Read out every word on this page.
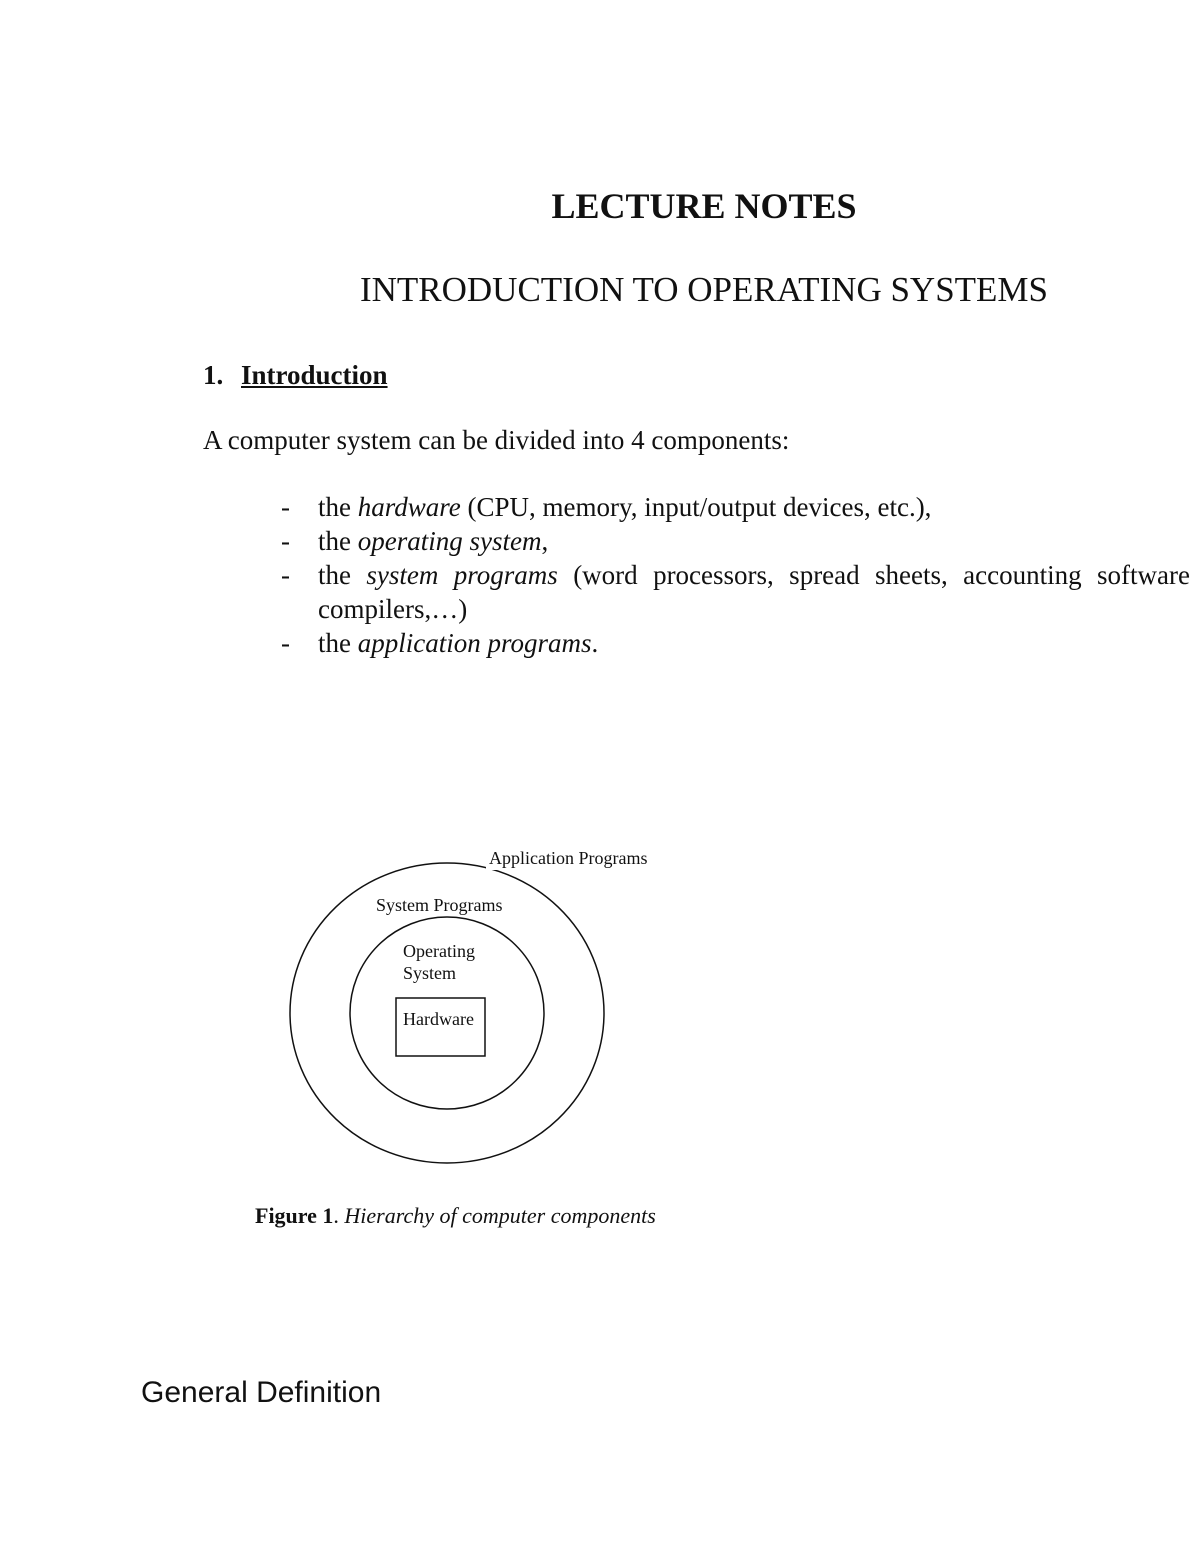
LECTURE NOTES
INTRODUCTION TO OPERATING SYSTEMS
1. Introduction
A computer system can be divided into 4 components:
- the hardware (CPU, memory, input/output devices, etc.),
- the operating system,
- the system programs (word processors, spread sheets, accounting software
compilers,…)
- the application programs.
Application Programs
System Programs
Operating
System
Hardware
Figure 1. Hierarchy of computer components
General Definition
